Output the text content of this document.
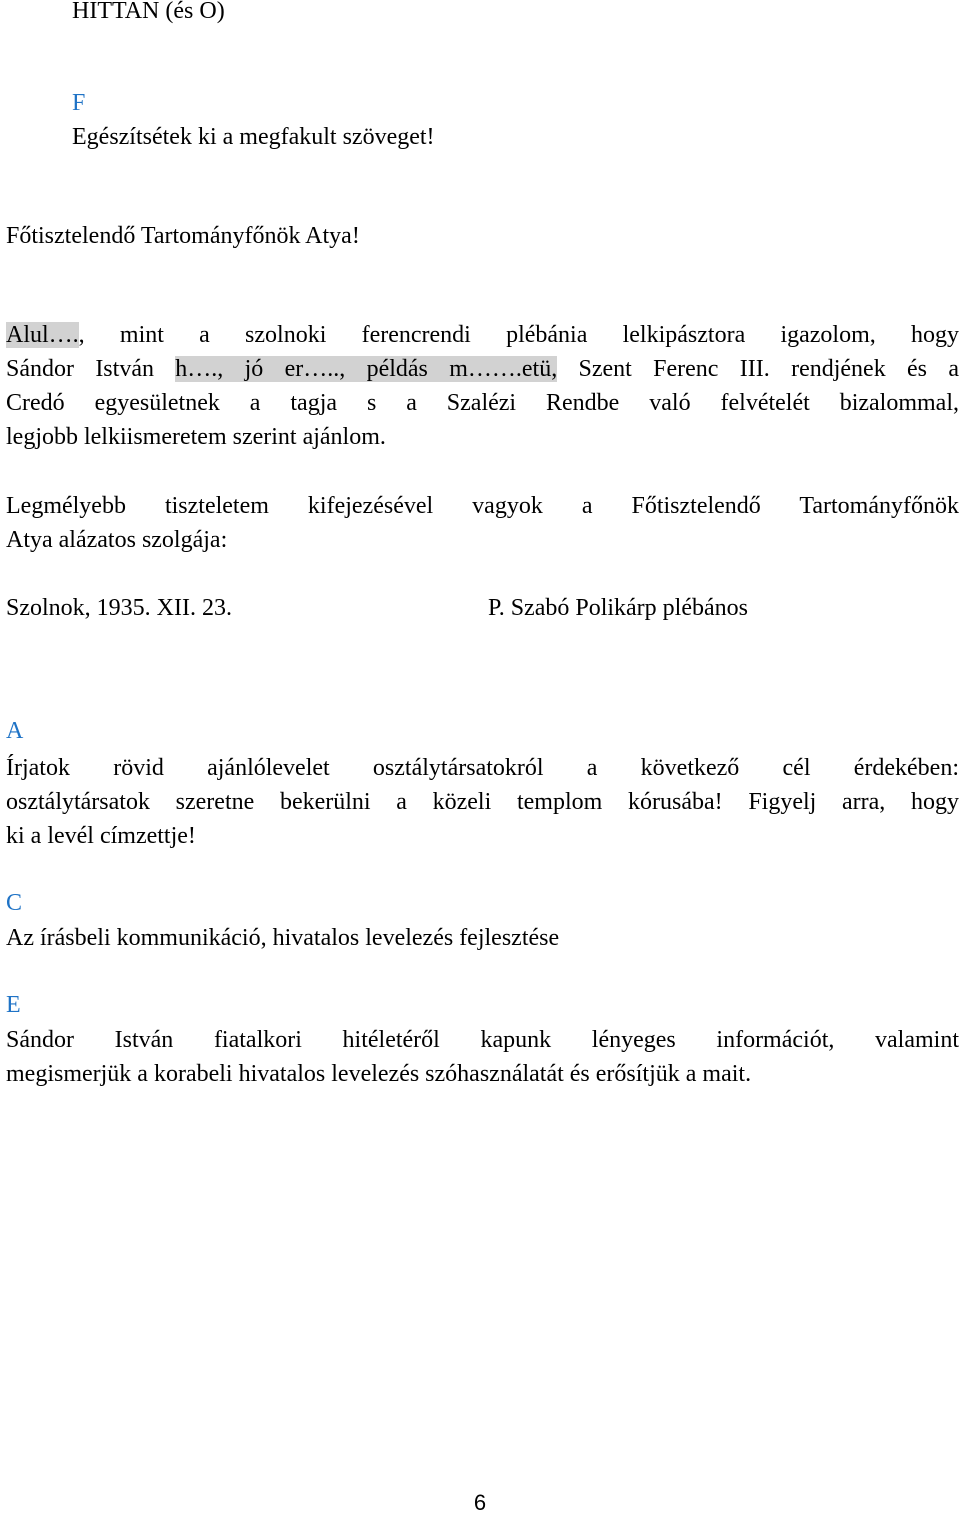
HITTAN (és O)
F
Egészítsétek ki a megfakult szöveget!
Főtisztelendő Tartományfőnök Atya!
Alul…., mint a szolnoki ferencrendi plébánia lelkipásztora igazolom, hogy
Sándor István h…., jó er….., példás m…….etü, Szent Ferenc III. rendjének és a
Credó egyesületnek a tagja s a Szalézi Rendbe való felvételét bizalommal,
legjobb lelkiismeretem szerint ajánlom.
Legmélyebb tiszteletem kifejezésével vagyok a Főtisztelendő Tartományfőnök
Atya alázatos szolgája:
Szolnok, 1935. XII. 23.	P. Szabó Polikárp plébános
A
Írjatok rövid ajánlólevelet osztálytársatokról a következő cél érdekében:
osztálytársatok szeretne bekerülni a közeli templom kórusába! Figyelj arra, hogy
ki a levél címzettje!
C
Az írásbeli kommunikáció, hivatalos levelezés fejlesztése
E
Sándor István fiatalkori hitéletéről kapunk lényeges információt, valamint
megismerjük a korabeli hivatalos levelezés szóhasználatát és erősítjük a mait.
6
